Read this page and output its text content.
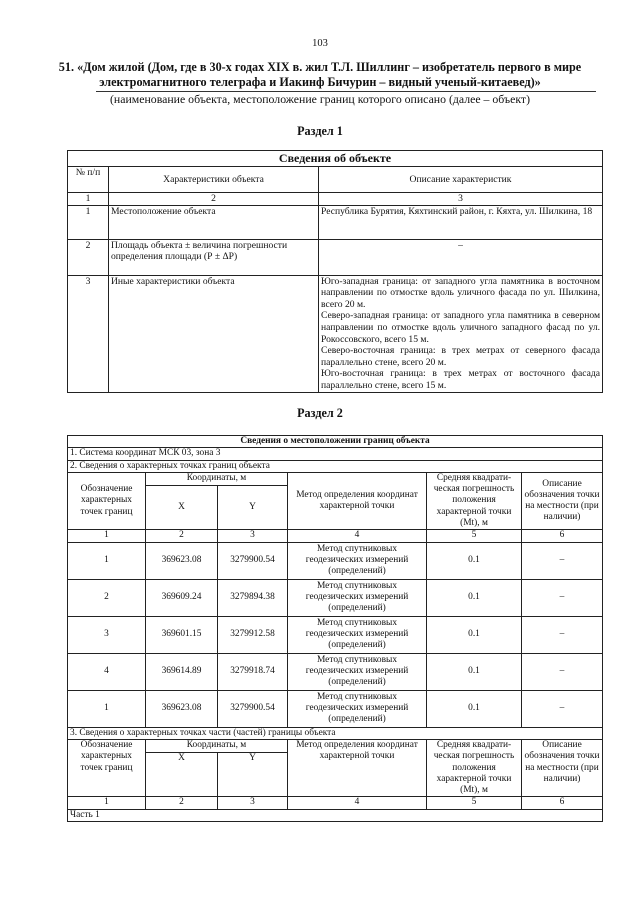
103
51. «Дом жилой (Дом, где в 30-х годах XIX в. жил Т.Л. Шиллинг – изобретатель первого в мире электромагнитного телеграфа и Иакинф Бичурин – видный ученый-китаевед)»
(наименование объекта, местоположение границ которого описано (далее – объект)
Раздел 1
Сведения об объекте		
№ п/п	Характеристики объекта	Описание характеристик
1	2	3
1	Местоположение объекта	Республика Бурятия, Кяхтинский район, г. Кяхта, ул. Шилкина, 18
2	Площадь объекта ± величина погрешности определения площади (Р ± ΔР)	–
3	Иные характеристики объекта	Юго-западная граница: от западного угла памятника в восточном направлении по отмостке вдоль уличного фасада по ул. Шилкина, всего 20 м.
Северо-западная граница: от западного угла памятника в северном направлении по отмостке вдоль уличного западного фасад по ул. Рокоссовского, всего 15 м.
Северо-восточная граница: в трех метрах от северного фасада параллельно стене, всего 20 м.
Юго-восточная граница: в трех метрах от восточного фасада параллельно стене, всего 15 м.
Раздел 2
Сведения о местоположении границ объекта					
1. Система координат МСК 03, зона 3					
2. Сведения о характерных точках границ объекта					
Обозначение характерных точек границ	Координаты, м		Метод определения координат характерной точки	Средняя квадрати-ческая погрешность положения характерной точки (Mt), м	Описание обозначения точки на местности (при наличии)
	X	Y			
1	2	3	4	5	6
1	369623.08	3279900.54	Метод спутниковых геодезических измерений (определений)	0.1	–
2	369609.24	3279894.38	Метод спутниковых геодезических измерений (определений)	0.1	–
3	369601.15	3279912.58	Метод спутниковых геодезических измерений (определений)	0.1	–
4	369614.89	3279918.74	Метод спутниковых геодезических измерений (определений)	0.1	–
1	369623.08	3279900.54	Метод спутниковых геодезических измерений (определений)	0.1	–
3. Сведения о характерных точках части (частей) границы объекта					
Обозначение характерных точек границ	Координаты, м		Метод определения координат характерной точки	Средняя квадрати-ческая погрешность положения характерной точки (Mt), м	Описание обозначения точки на местности (при наличии)
	X	Y			
1	2	3	4	5	6
Часть 1					
